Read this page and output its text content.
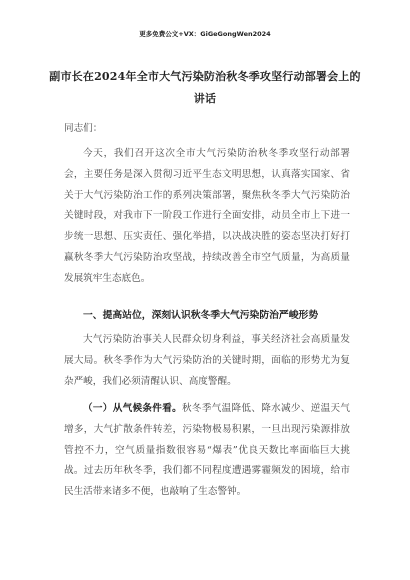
更多免费公文+VX：GiGeGongWen2024
副市长在2024年全市大气污染防治秋冬季攻坚行动部署会上的讲话

同志们：

今天，我们召开这次全市大气污染防治秋冬季攻坚行动部署会，主要任务是深入贯彻习近平生态文明思想，认真落实国家、省关于大气污染防治工作的系列决策部署，聚焦秋冬季大气污染防治关键时段，对我市下一阶段工作进行全面安排，动员全市上下进一步统一思想、压实责任、强化举措，以决战决胜的姿态坚决打好打赢秋冬季大气污染防治攻坚战，持续改善全市空气质量，为高质量发展筑牢生态底色。

一、提高站位，深刻认识秋冬季大气污染防治严峻形势

大气污染防治事关人民群众切身利益，事关经济社会高质量发展大局。秋冬季作为大气污染防治的关键时期，面临的形势尤为复杂严峻，我们必须清醒认识、高度警醒。

（一）从气候条件看。秋冬季气温降低、降水减少、逆温天气增多，大气扩散条件转差，污染物极易积累，一旦出现污染源排放管控不力，空气质量指数很容易“爆表”优良天数比率面临巨大挑战。过去历年秋冬季，我们都不同程度遭遇雾霾频发的困境，给市民生活带来诸多不便，也敲响了生态警钟。
